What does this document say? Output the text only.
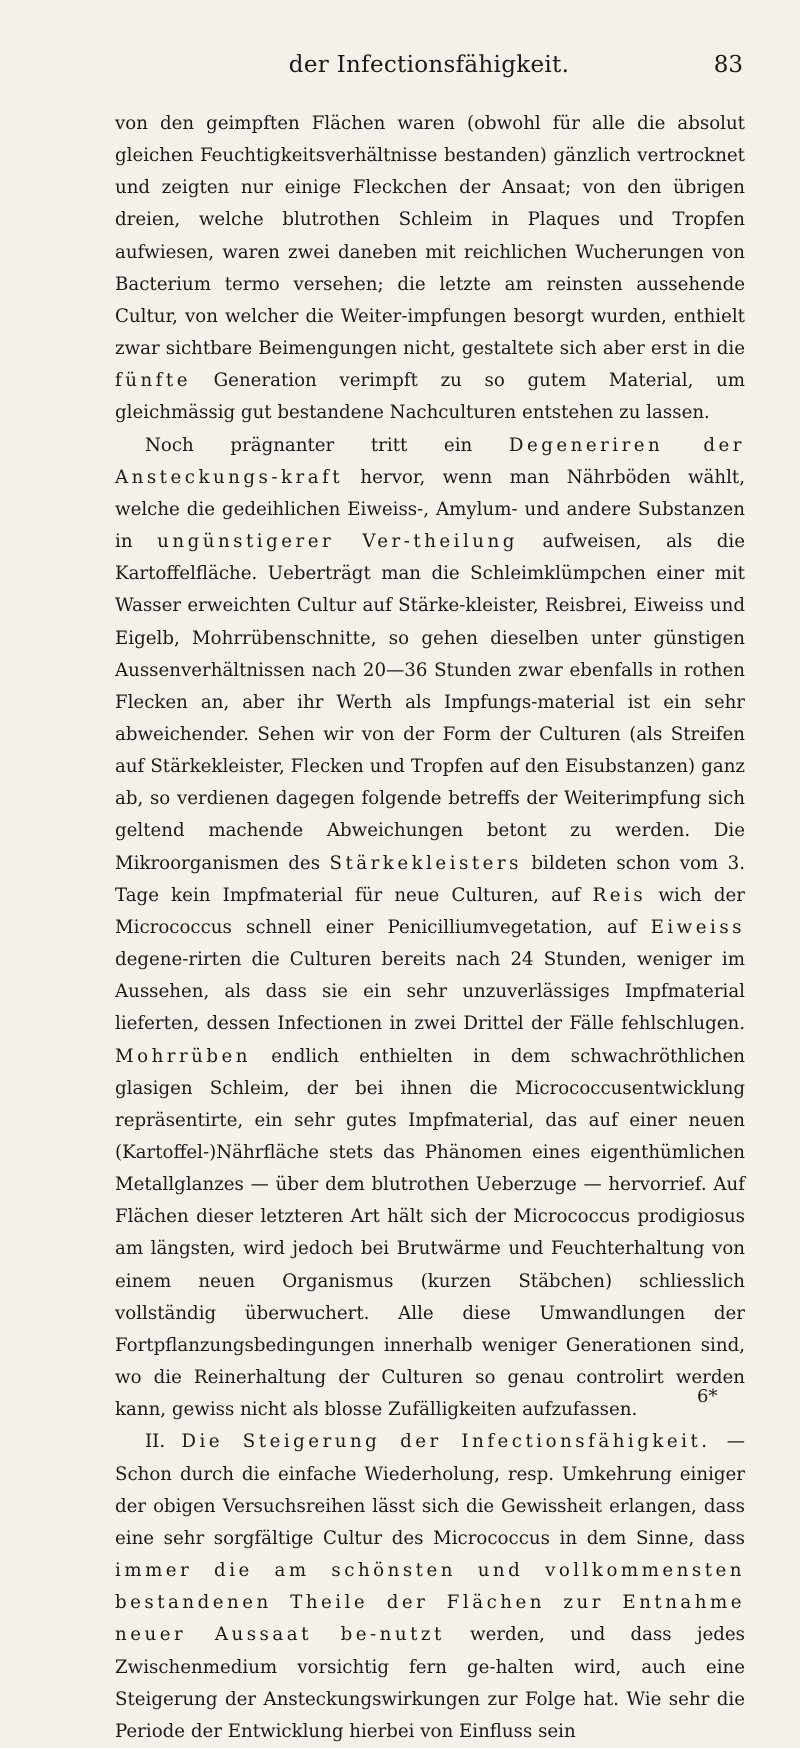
der Infectionsfähigkeit.	83

von den geimpften Flächen waren (obwohl für alle die absolut gleichen Feuchtigkeitsverhältnisse bestanden) gänzlich vertrocknet und zeigten nur einige Fleckchen der Ansaat; von den übrigen dreien, welche blutrothen Schleim in Plaques und Tropfen aufwiesen, waren zwei daneben mit reichlichen Wucherungen von Bacterium termo versehen; die letzte am reinsten aussehende Cultur, von welcher die Weiter-impfungen besorgt wurden, enthielt zwar sichtbare Beimengungen nicht, gestaltete sich aber erst in die fünfte Generation verimpft zu so gutem Material, um gleichmässig gut bestandene Nachculturen entstehen zu lassen.

Noch prägnanter tritt ein Degeneriren der Ansteckungs-kraft hervor, wenn man Nährböden wählt, welche die gedeihlichen Eiweiss-, Amylum- und andere Substanzen in ungünstigerer Ver-theilung aufweisen, als die Kartoffelfläche. Ueberträgt man die Schleimklümpchen einer mit Wasser erweichten Cultur auf Stärke-kleister, Reisbrei, Eiweiss und Eigelb, Mohrrübenschnitte, so gehen dieselben unter günstigen Aussenverhältnissen nach 20—36 Stunden zwar ebenfalls in rothen Flecken an, aber ihr Werth als Impfungs-material ist ein sehr abweichender. Sehen wir von der Form der Culturen (als Streifen auf Stärkekleister, Flecken und Tropfen auf den Eisubstanzen) ganz ab, so verdienen dagegen folgende betreffs der Weiterimpfung sich geltend machende Abweichungen betont zu werden. Die Mikroorganismen des Stärkekleisters bildeten schon vom 3. Tage kein Impfmaterial für neue Culturen, auf Reis wich der Micrococcus schnell einer Penicilliumvegetation, auf Eiweiss degene-rirten die Culturen bereits nach 24 Stunden, weniger im Aussehen, als dass sie ein sehr unzuverlässiges Impfmaterial lieferten, dessen Infectionen in zwei Drittel der Fälle fehlschlugen. Mohrrüben endlich enthielten in dem schwachröthlichen glasigen Schleim, der bei ihnen die Micrococcusentwicklung repräsentirte, ein sehr gutes Impfmaterial, das auf einer neuen (Kartoffel-)Nährfläche stets das Phänomen eines eigenthümlichen Metallglanzes — über dem blutrothen Ueberzuge — hervorrief. Auf Flächen dieser letzteren Art hält sich der Micrococcus prodigiosus am längsten, wird jedoch bei Brutwärme und Feuchterhaltung von einem neuen Organismus (kurzen Stäbchen) schliesslich vollständig überwuchert. Alle diese Umwandlungen der Fortpflanzungsbedingungen innerhalb weniger Generationen sind, wo die Reinerhaltung der Culturen so genau controlirt werden kann, gewiss nicht als blosse Zufälligkeiten aufzufassen.

II. Die Steigerung der Infectionsfähigkeit. — Schon durch die einfache Wiederholung, resp. Umkehrung einiger der obigen Versuchsreihen lässt sich die Gewissheit erlangen, dass eine sehr sorgfältige Cultur des Micrococcus in dem Sinne, dass immer die am schönsten und vollkommensten bestandenen Theile der Flächen zur Entnahme neuer Aussaat be-nutzt werden, und dass jedes Zwischenmedium vorsichtig fern ge-halten wird, auch eine Steigerung der Ansteckungswirkungen zur Folge hat. Wie sehr die Periode der Entwicklung hierbei von Einfluss sein

6*
